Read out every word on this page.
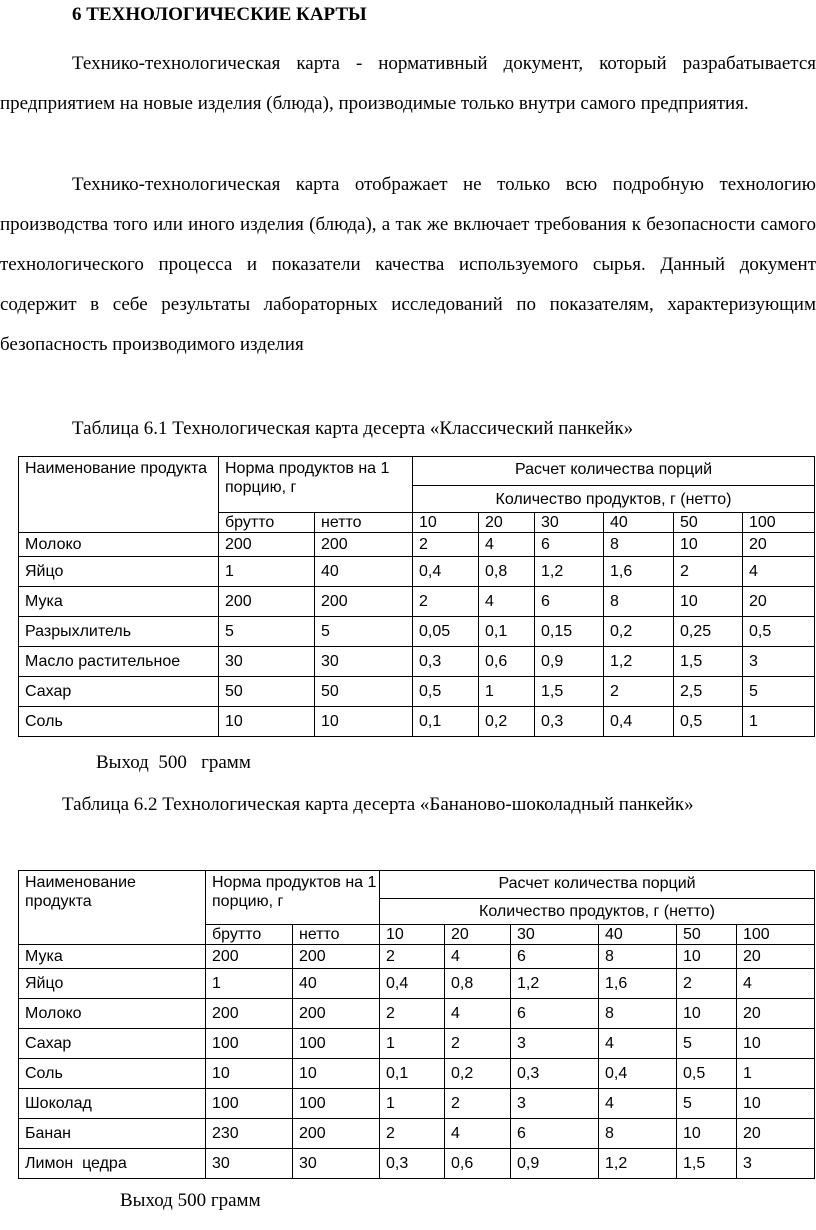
6 ТЕХНОЛОГИЧЕСКИЕ КАРТЫ

Технико-технологическая карта - нормативный документ, который разрабатывается предприятием на новые изделия (блюда), производимые только внутри самого предприятия.

Технико-технологическая карта отображает не только всю подробную технологию производства того или иного изделия (блюда), а так же включает требования к безопасности самого технологического процесса и показатели качества используемого сырья. Данный документ содержит в себе результаты лабораторных исследований по показателям, характеризующим безопасность производимого изделия

Таблица 6.1 Технологическая карта десерта «Классический панкейк»
Наименование продукта	Норма продуктов на 1 порцию, г		Расчет количества порций					
			Количество продуктов, г (нетто)					
	брутто	нетто	10	20	30	40	50	100
Молоко	200	200	2	4	6	8	10	20
Яйцо	1	40	0,4	0,8	1,2	1,6	2	4
Мука	200	200	2	4	6	8	10	20
Разрыхлитель	5	5	0,05	0,1	0,15	0,2	0,25	0,5
Масло растительное	30	30	0,3	0,6	0,9	1,2	1,5	3
Сахар	50	50	0,5	1	1,5	2	2,5	5
Соль	10	10	0,1	0,2	0,3	0,4	0,5	1
Выход  500   грамм

Таблица 6.2 Технологическая карта десерта «Бананово-шоколадный панкейк»

Наименование продукта	Норма продуктов на 1 порцию, г		Расчет количества порций					
			Количество продуктов, г (нетто)					
	брутто	нетто	10	20	30	40	50	100
Мука	200	200	2	4	6	8	10	20
Яйцо	1	40	0,4	0,8	1,2	1,6	2	4
Молоко	200	200	2	4	6	8	10	20
Сахар	100	100	1	2	3	4	5	10
Соль	10	10	0,1	0,2	0,3	0,4	0,5	1
Шоколад	100	100	1	2	3	4	5	10
Банан	230	200	2	4	6	8	10	20
Лимон  цедра	30	30	0,3	0,6	0,9	1,2	1,5	3
Выход 500 грамм
